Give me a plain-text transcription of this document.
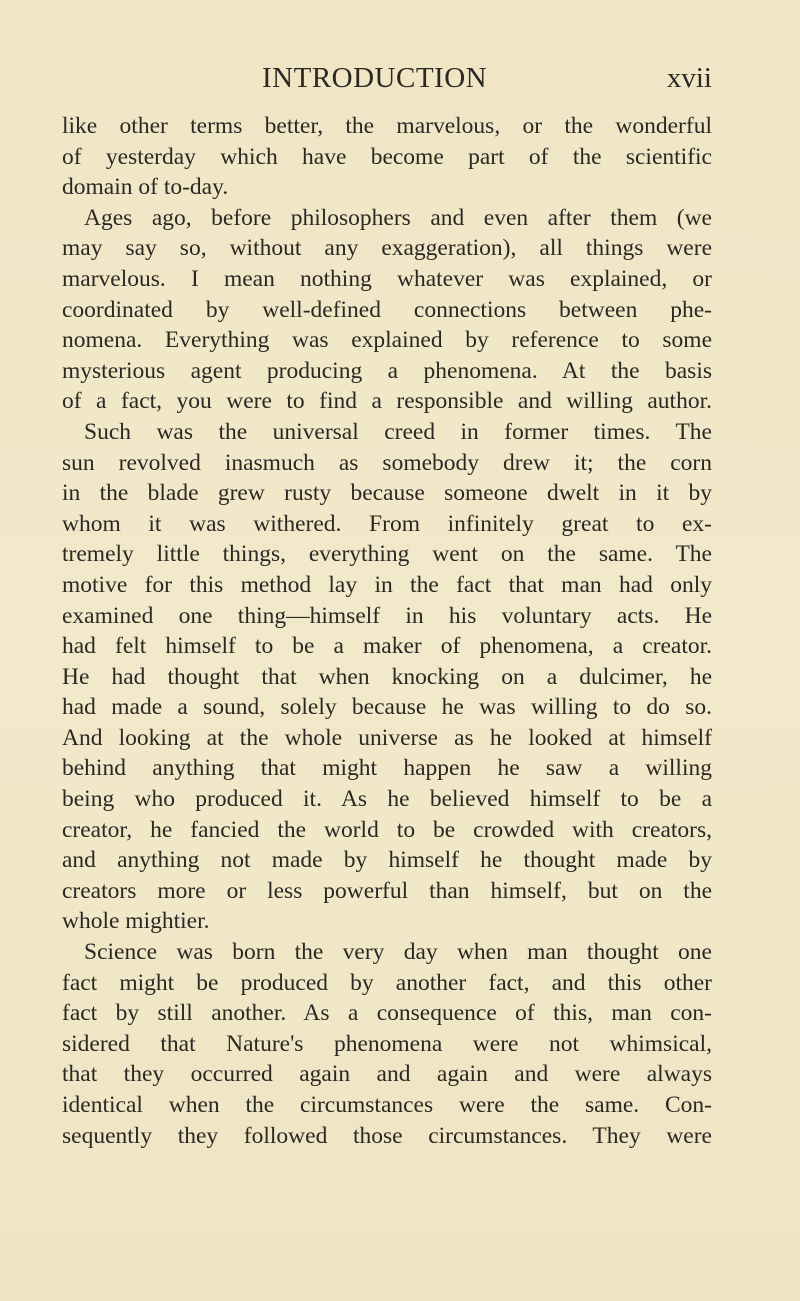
INTRODUCTION	xvii
like other terms better, the marvelous, or the wonderful
of yesterday which have become part of the scientific
domain of to-day.
Ages ago, before philosophers and even after them (we
may say so, without any exaggeration), all things were
marvelous. I mean nothing whatever was explained, or
coordinated by well-defined connections between phe-
nomena. Everything was explained by reference to some
mysterious agent producing a phenomena. At the basis
of a fact, you were to find a responsible and willing author.
Such was the universal creed in former times. The
sun revolved inasmuch as somebody drew it; the corn
in the blade grew rusty because someone dwelt in it by
whom it was withered. From infinitely great to ex-
tremely little things, everything went on the same. The
motive for this method lay in the fact that man had only
examined one thing—himself in his voluntary acts. He
had felt himself to be a maker of phenomena, a creator.
He had thought that when knocking on a dulcimer, he
had made a sound, solely because he was willing to do so.
And looking at the whole universe as he looked at himself
behind anything that might happen he saw a willing
being who produced it. As he believed himself to be a
creator, he fancied the world to be crowded with creators,
and anything not made by himself he thought made by
creators more or less powerful than himself, but on the
whole mightier.
Science was born the very day when man thought one
fact might be produced by another fact, and this other
fact by still another. As a consequence of this, man con-
sidered that Nature's phenomena were not whimsical,
that they occurred again and again and were always
identical when the circumstances were the same. Con-
sequently they followed those circumstances. They were
